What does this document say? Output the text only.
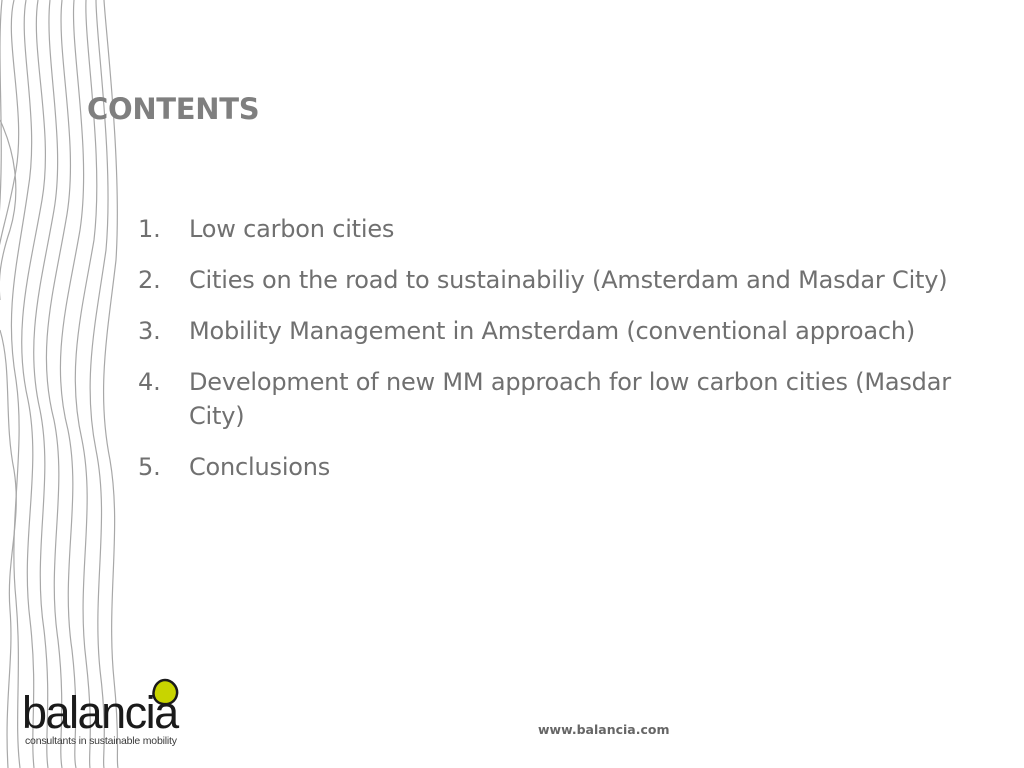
CONTENTS
1.	Low carbon cities
2.	Cities on the road to sustainabiliy (Amsterdam and Masdar City)
3.	Mobility Management in Amsterdam (conventional approach)
4.	Development of new MM approach for low carbon cities (Masdar City)
5.	Conclusions
balancia
consultants in sustainable mobility
www.balancia.com
